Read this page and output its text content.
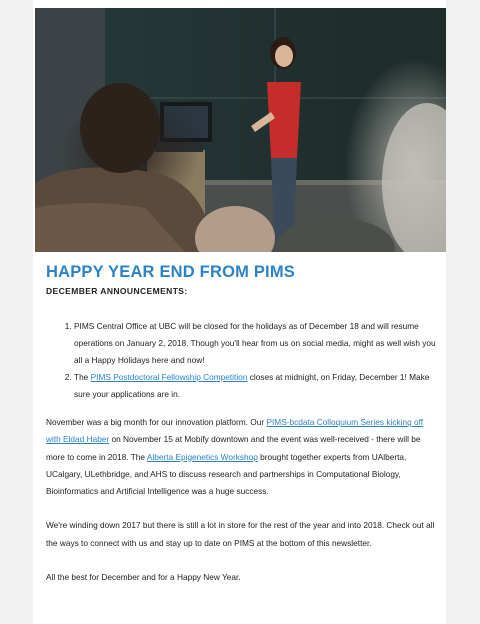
HAPPY YEAR END FROM PIMS
DECEMBER ANNOUNCEMENTS:
1. PIMS Central Office at UBC will be closed for the holidays as of December 18 and will resume operations on January 2, 2018. Though you'll hear from us on social media, might as well wish you all a Happy Holidays here and now!
2. The PIMS Postdoctoral Fellowship Competition closes at midnight, on Friday, December 1! Make sure your applications are in.

November was a big month for our innovation platform. Our PIMS-bcdata Colloquium Series kicking off with Eldad Haber on November 15 at Mobify downtown and the event was well-received - there will be more to come in 2018. The Alberta Epigenetics Workshop brought together experts from UAlberta, UCalgary, ULethbridge, and AHS to discuss research and partnerships in Computational Biology, Bioinformatics and Artificial Intelligence was a huge success.

We're winding down 2017 but there is still a lot in store for the rest of the year and into 2018. Check out all the ways to connect with us and stay up to date on PIMS at the bottom of this newsletter.

All the best for December and for a Happy New Year.
